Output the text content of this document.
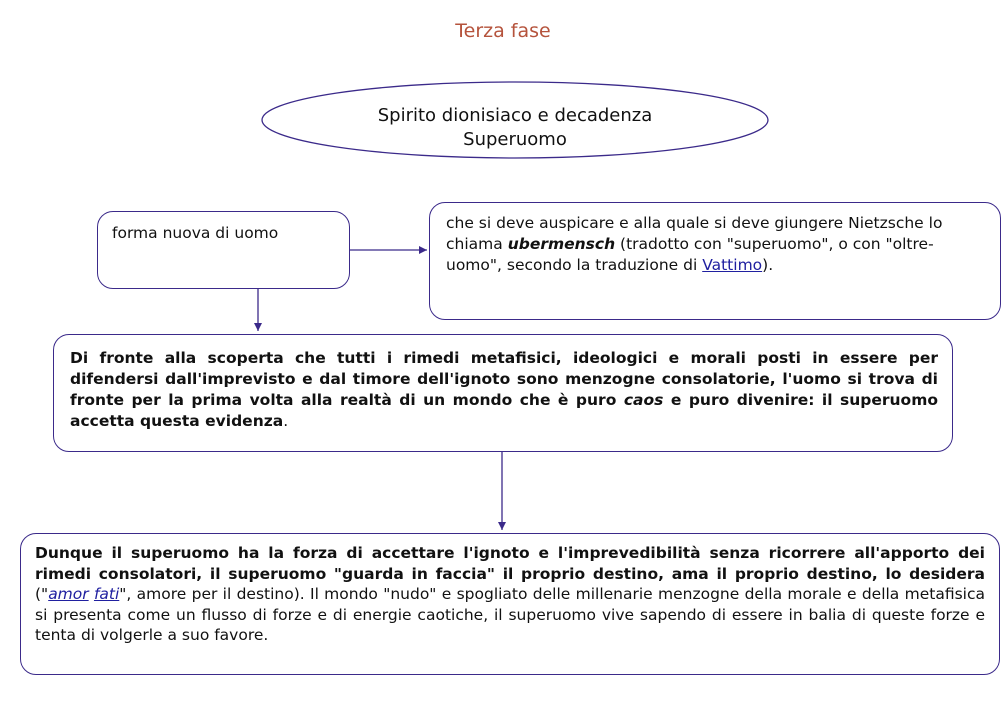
Terza fase
Spirito dionisiaco e decadenza
Superuomo
forma nuova di uomo
che si deve auspicare e alla quale si deve giungere Nietzsche lo chiama ubermensch (tradotto con "superuomo", o con "oltre-uomo", secondo la traduzione di Vattimo).
Di fronte alla scoperta che tutti i rimedi metafisici, ideologici e morali posti in essere per difendersi dall'imprevisto e dal timore dell'ignoto sono menzogne consolatorie, l'uomo si trova di fronte per la prima volta alla realtà di un mondo che è puro caos e puro divenire: il superuomo accetta questa evidenza.
Dunque il superuomo ha la forza di accettare l'ignoto e l'imprevedibilità senza ricorrere all'apporto dei rimedi consolatori, il superuomo "guarda in faccia" il proprio destino, ama il proprio destino, lo desidera ("amor fati", amore per il destino). Il mondo "nudo" e spogliato delle millenarie menzogne della morale e della metafisica si presenta come un flusso di forze e di energie caotiche, il superuomo vive sapendo di essere in balia di queste forze e tenta di volgerle a suo favore.
